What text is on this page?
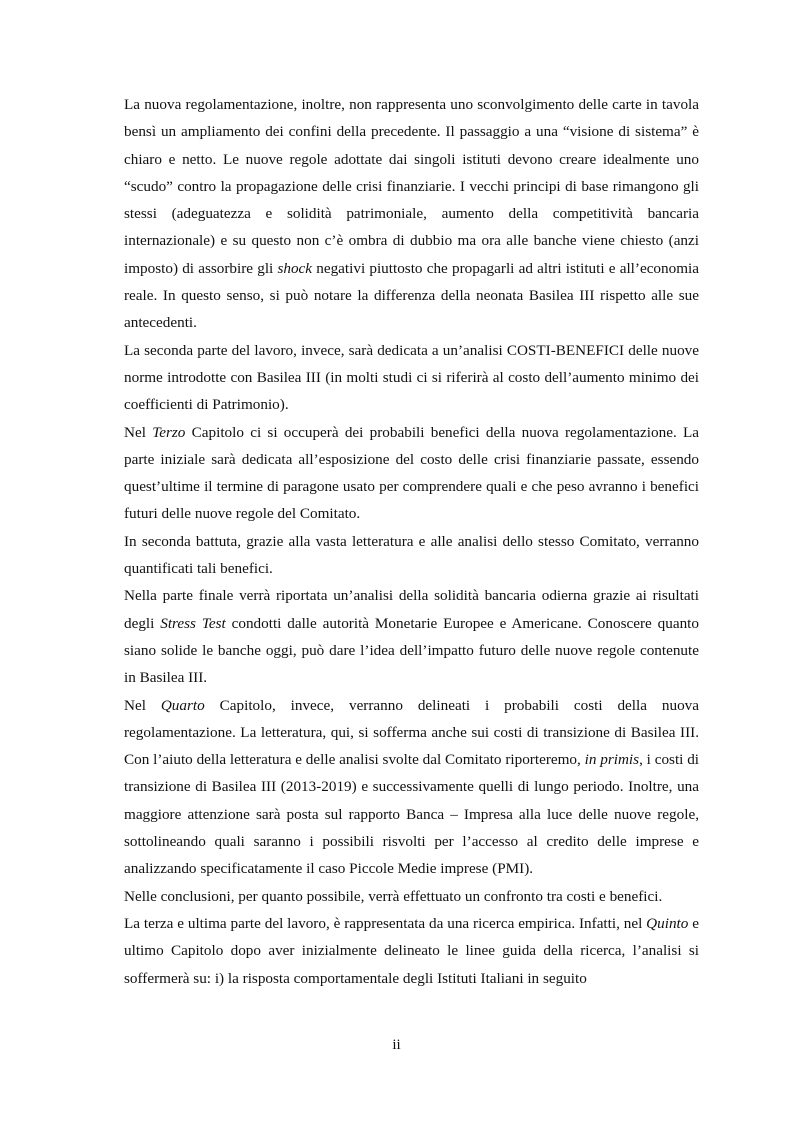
La nuova regolamentazione, inoltre, non rappresenta uno sconvolgimento delle carte in tavola bensì un ampliamento dei confini della precedente. Il passaggio a una “visione di sistema” è chiaro e netto. Le nuove regole adottate dai singoli istituti devono creare idealmente uno “scudo” contro la propagazione delle crisi finanziarie. I vecchi principi di base rimangono gli stessi (adeguatezza e solidità patrimoniale, aumento della competitività bancaria internazionale) e su questo non c’è ombra di dubbio ma ora alle banche viene chiesto (anzi imposto) di assorbire gli shock negativi piuttosto che propagarli ad altri istituti e all’economia reale. In questo senso, si può notare la differenza della neonata Basilea III rispetto alle sue antecedenti.

La seconda parte del lavoro, invece, sarà dedicata a un’analisi COSTI-BENEFICI delle nuove norme introdotte con Basilea III (in molti studi ci si riferirà al costo dell’aumento minimo dei coefficienti di Patrimonio).

Nel Terzo Capitolo ci si occuperà dei probabili benefici della nuova regolamentazione. La parte iniziale sarà dedicata all’esposizione del costo delle crisi finanziarie passate, essendo quest’ultime il termine di paragone usato per comprendere quali e che peso avranno i benefici futuri delle nuove regole del Comitato.

In seconda battuta, grazie alla vasta letteratura e alle analisi dello stesso Comitato, verranno quantificati tali benefici.

Nella parte finale verrà riportata un’analisi della solidità bancaria odierna grazie ai risultati degli Stress Test condotti dalle autorità Monetarie Europee e Americane. Conoscere quanto siano solide le banche oggi, può dare l’idea dell’impatto futuro delle nuove regole contenute in Basilea III.

Nel Quarto Capitolo, invece, verranno delineati i probabili costi della nuova regolamentazione. La letteratura, qui, si sofferma anche sui costi di transizione di Basilea III. Con l’aiuto della letteratura e delle analisi svolte dal Comitato riporteremo, in primis, i costi di transizione di Basilea III (2013-2019) e successivamente quelli di lungo periodo. Inoltre, una maggiore attenzione sarà posta sul rapporto Banca – Impresa alla luce delle nuove regole, sottolineando quali saranno i possibili risvolti per l’accesso al credito delle imprese e analizzando specificatamente il caso Piccole Medie imprese (PMI).

Nelle conclusioni, per quanto possibile, verrà effettuato un confronto tra costi e benefici.

La terza e ultima parte del lavoro, è rappresentata da una ricerca empirica. Infatti, nel Quinto e ultimo Capitolo dopo aver inizialmente delineato le linee guida della ricerca, l’analisi si soffermerà su: i) la risposta comportamentale degli Istituti Italiani in seguito

ii
